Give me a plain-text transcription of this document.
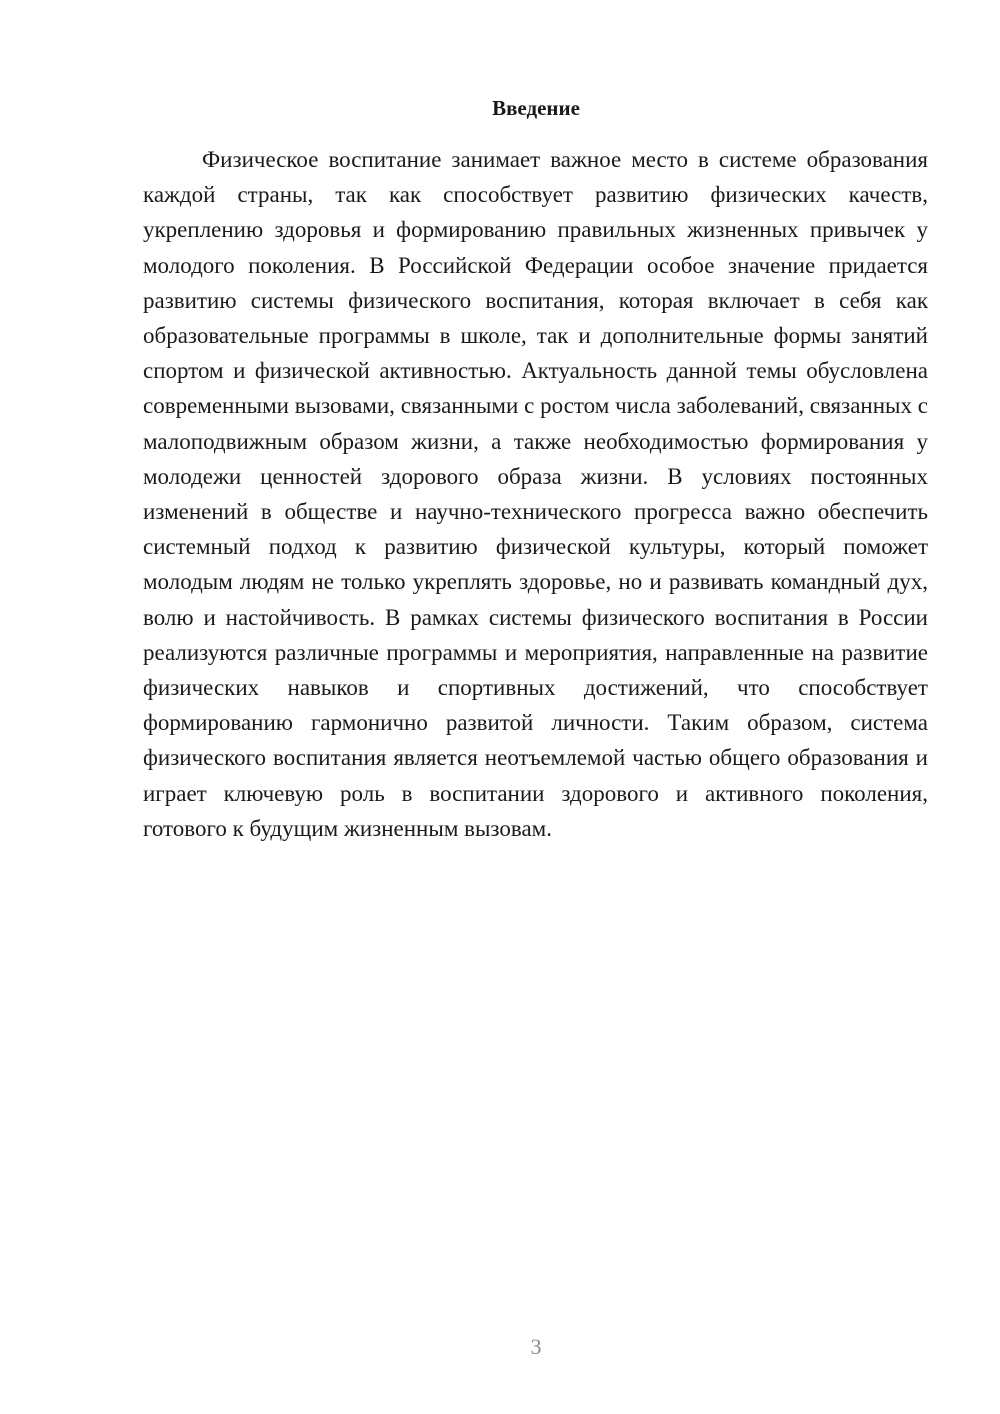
Введение

Физическое воспитание занимает важное место в системе образования каждой страны, так как способствует развитию физических качеств, укреплению здоровья и формированию правильных жизненных привычек у молодого поколения. В Российской Федерации особое значение придается развитию системы физического воспитания, которая включает в себя как образовательные программы в школе, так и дополнительные формы занятий спортом и физической активностью. Актуальность данной темы обусловлена современными вызовами, связанными с ростом числа заболеваний, связанных с малоподвижным образом жизни, а также необходимостью формирования у молодежи ценностей здорового образа жизни. В условиях постоянных изменений в обществе и научно-технического прогресса важно обеспечить системный подход к развитию физической культуры, который поможет молодым людям не только укреплять здоровье, но и развивать командный дух, волю и настойчивость. В рамках системы физического воспитания в России реализуются различные программы и мероприятия, направленные на развитие физических навыков и спортивных достижений, что способствует формированию гармонично развитой личности. Таким образом, система физического воспитания является неотъемлемой частью общего образования и играет ключевую роль в воспитании здорового и активного поколения, готового к будущим жизненным вызовам.

3
